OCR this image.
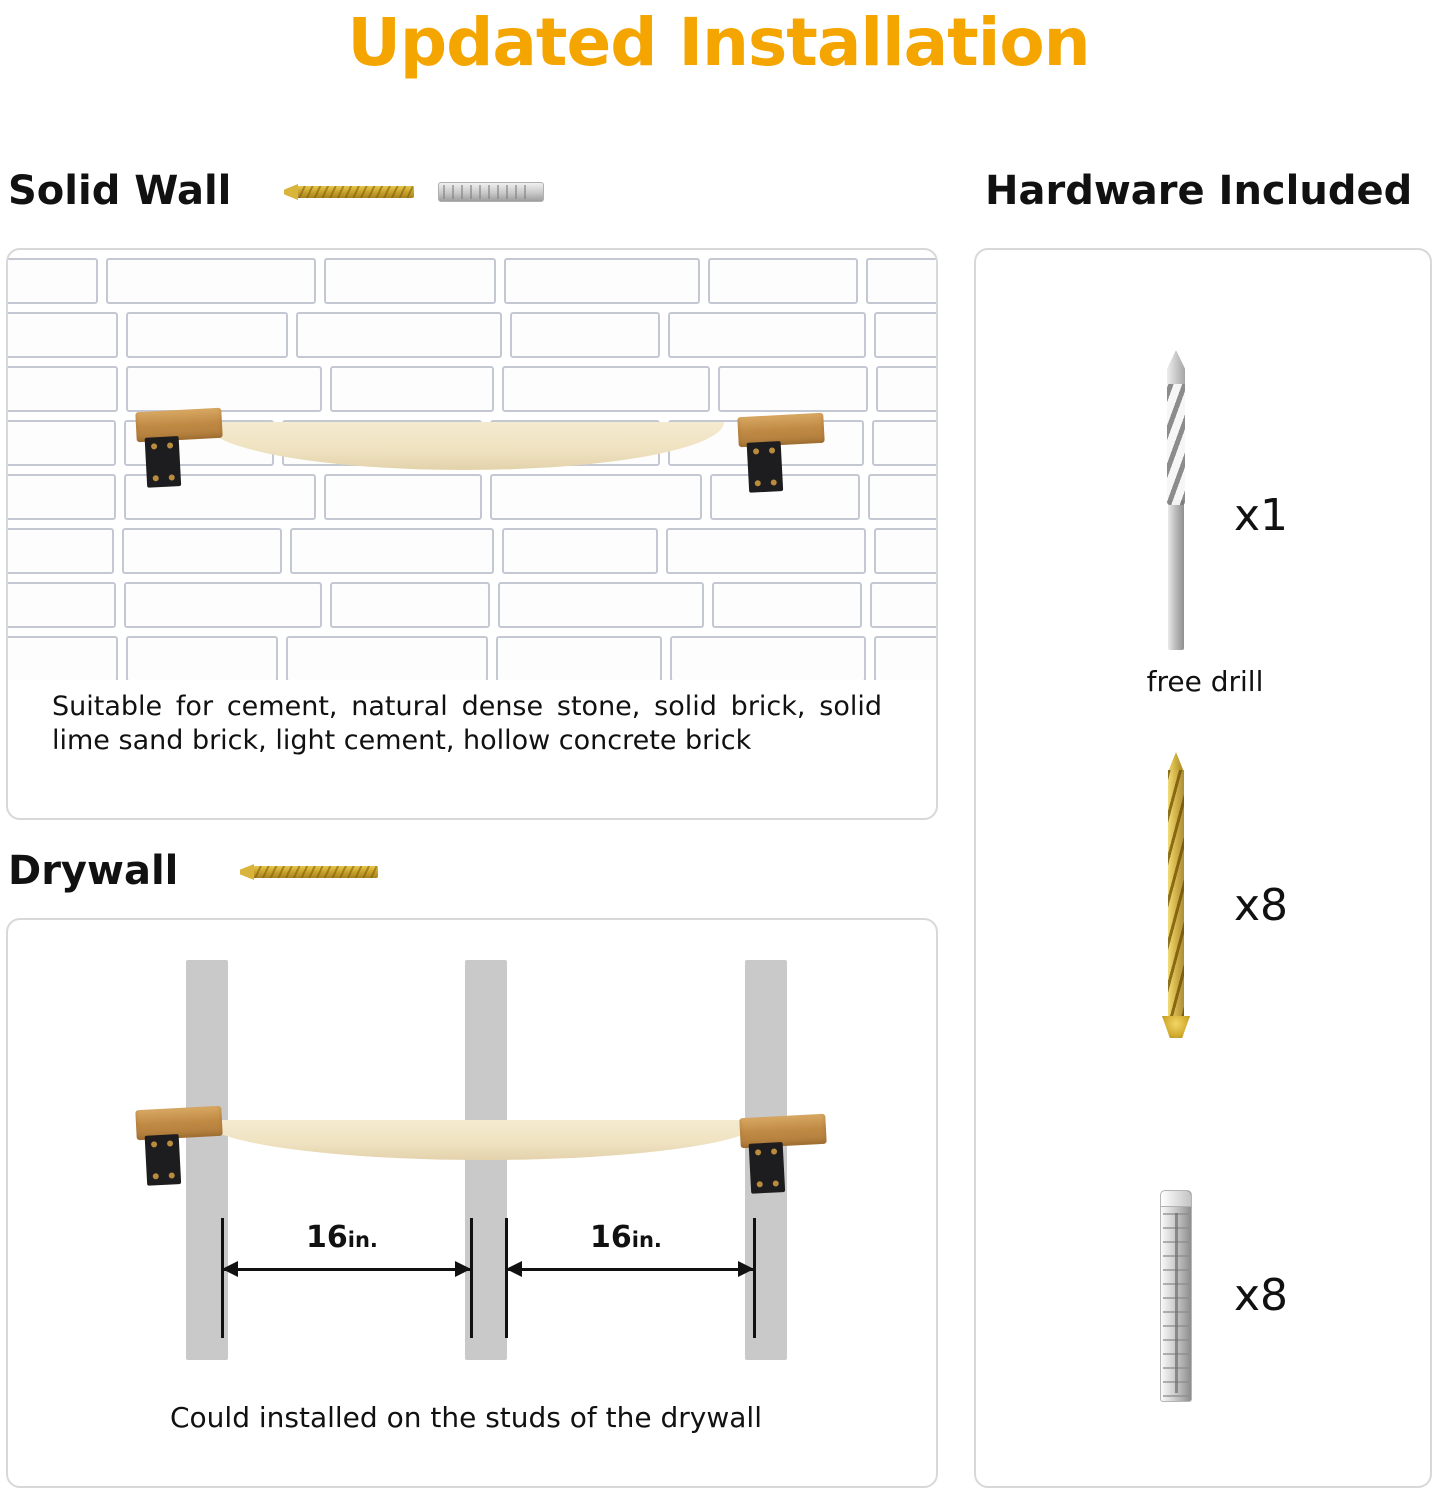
Updated Installation
Solid Wall
Suitable for cement, natural dense stone, solid brick, solid lime sand brick, light cement, hollow concrete brick
Drywall
16in.	16in.
Could installed on the studs of the drywall
Hardware Included
x1
free drill
x8
x8
